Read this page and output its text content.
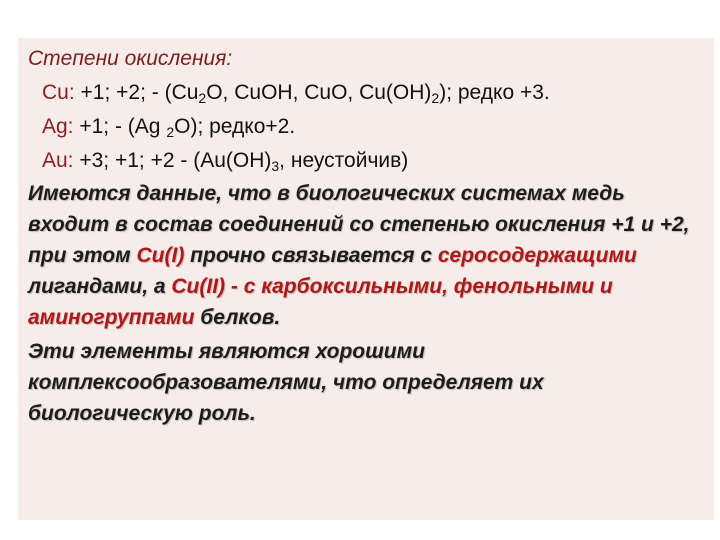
Степени окисления:
Cu: +1; +2; - ($Cu_2O$, CuOH, CuO, $Cu(OH)_2$); редко +3.
Ag: +1; - (Ag $_2$O); редко+2.
Au: +3; +1; $+2 - (Au(OH)_3$, неустойчив)
Имеются данные, что в биологических системах медь входит в состав соединений со степенью окисления +1 и +2, при этом Cu(I) прочно связывается с серосодержащими лигандами, а Cu(II) - с карбоксильными, фенольными и аминогруппами белков.
Эти элементы являются хорошими комплексообразователями, что определяет их биологическую роль.
